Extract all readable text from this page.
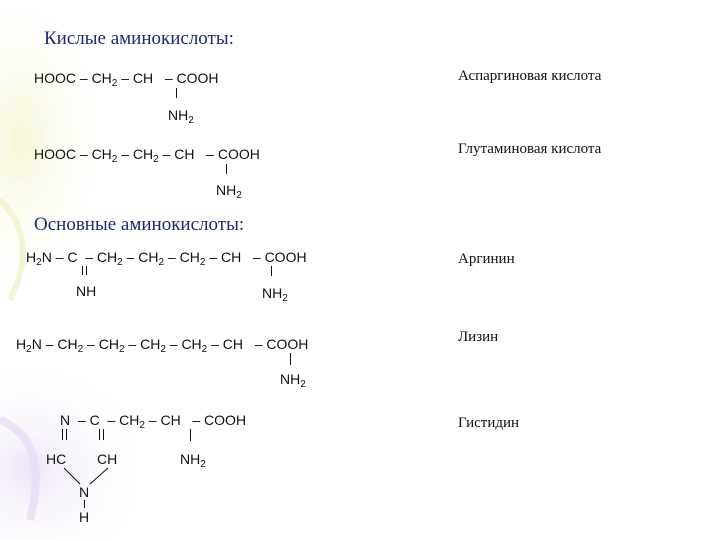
Кислые аминокислоты:
HOOC – $CH_2$ – CH   – COOH
$NH_2$
Аспаргиновая кислота
HOOC – $CH_2 - CH_2$ – CH   – COOH
$NH_2$
Глутаминовая кислота
Основные аминокислоты:
$H_2N$ – C  – $CH_2 - CH_2 - CH_2$ – CH   – COOH
NH	$NH_2$
Аргинин
$H_2N - CH_2 - CH_2 - CH_2 - CH_2$ – CH   – COOH
$NH_2$
Лизин
N  – C  – $CH_2$ – CH   – COOH
HC CH	$NH_2$
N
H
Гистидин
